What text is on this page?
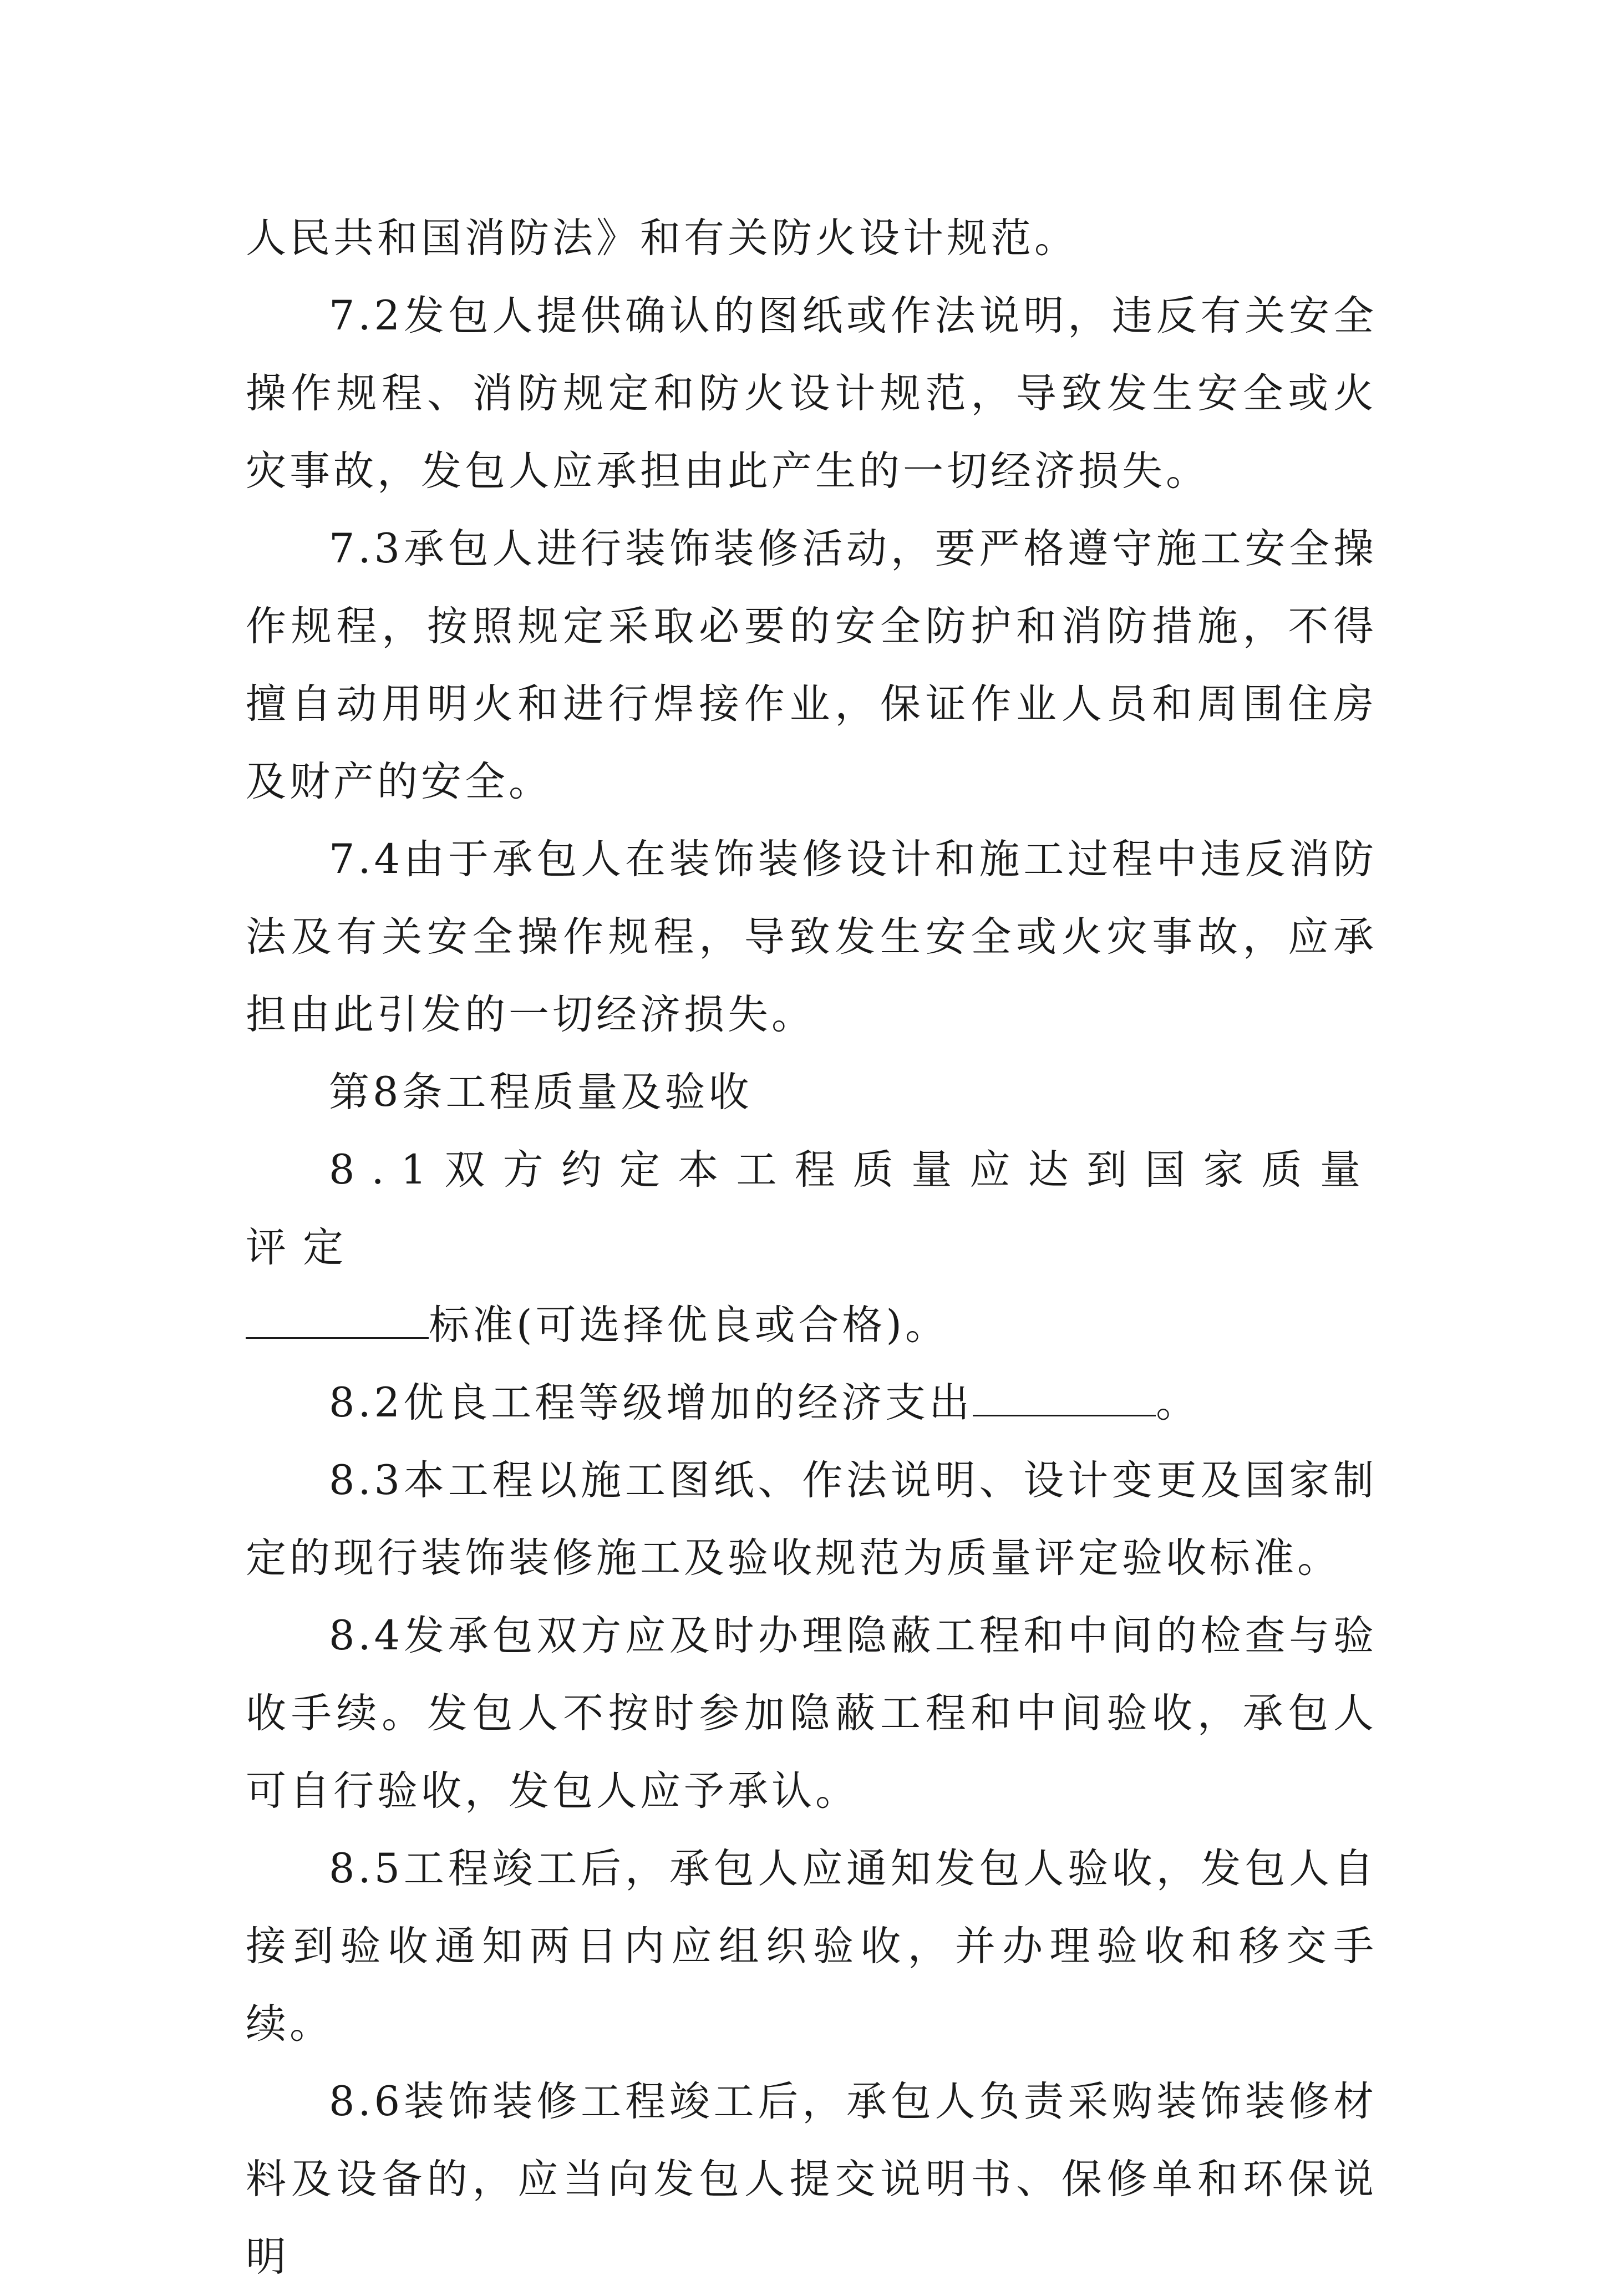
人民共和国消防法》和有关防火设计规范。

7.2发包人提供确认的图纸或作法说明，违反有关安全操作规程、消防规定和防火设计规范，导致发生安全或火灾事故，发包人应承担由此产生的一切经济损失。

7.3承包人进行装饰装修活动，要严格遵守施工安全操作规程，按照规定采取必要的安全防护和消防措施，不得擅自动用明火和进行焊接作业，保证作业人员和周围住房及财产的安全。

7.4由于承包人在装饰装修设计和施工过程中违反消防法及有关安全操作规程，导致发生安全或火灾事故，应承担由此引发的一切经济损失。

第8条工程质量及验收

8.1双方约定本工程质量应达到国家质量评定
标准(可选择优良或合格)。

8.2优良工程等级增加的经济支出	。

8.3本工程以施工图纸、作法说明、设计变更及国家制定的现行装饰装修施工及验收规范为质量评定验收标准。

8.4发承包双方应及时办理隐蔽工程和中间的检查与验收手续。发包人不按时参加隐蔽工程和中间验收，承包人可自行验收，发包人应予承认。

8.5工程竣工后，承包人应通知发包人验收，发包人自接到验收通知两日内应组织验收，并办理验收和移交手续。

8.6装饰装修工程竣工后，承包人负责采购装饰装修材料及设备的，应当向发包人提交说明书、保修单和环保说明
